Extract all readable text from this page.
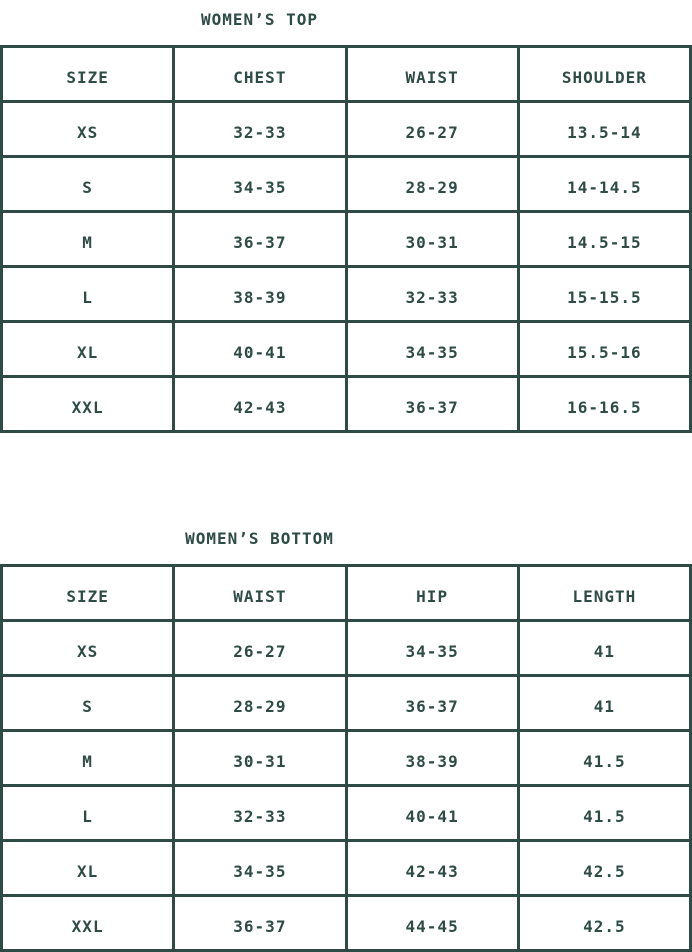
WOMEN’S TOP
SIZE	CHEST	WAIST	SHOULDER
XS	32-33	26-27	13.5-14
S	34-35	28-29	14-14.5
M	36-37	30-31	14.5-15
L	38-39	32-33	15-15.5
XL	40-41	34-35	15.5-16
XXL	42-43	36-37	16-16.5
WOMEN’S BOTTOM
SIZE	WAIST	HIP	LENGTH
XS	26-27	34-35	41
S	28-29	36-37	41
M	30-31	38-39	41.5
L	32-33	40-41	41.5
XL	34-35	42-43	42.5
XXL	36-37	44-45	42.5
